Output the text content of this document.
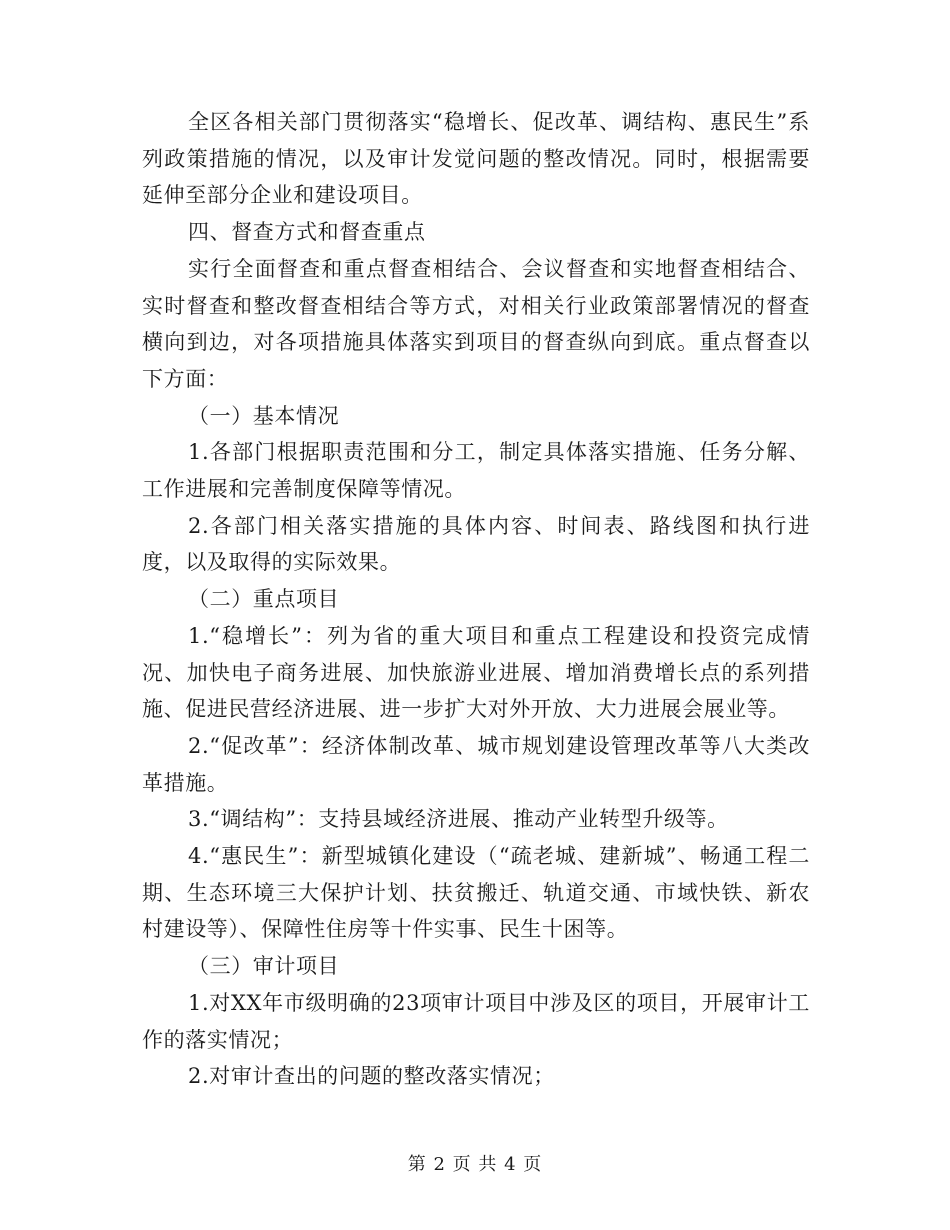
全区各相关部门贯彻落实“稳增长、促改革、调结构、惠民生”系列政策措施的情况，以及审计发觉问题的整改情况。同时，根据需要延伸至部分企业和建设项目。

四、督查方式和督查重点

实行全面督查和重点督查相结合、会议督查和实地督查相结合、实时督查和整改督查相结合等方式，对相关行业政策部署情况的督查横向到边，对各项措施具体落实到项目的督查纵向到底。重点督查以下方面：

（一）基本情况

1.各部门根据职责范围和分工，制定具体落实措施、任务分解、工作进展和完善制度保障等情况。

2.各部门相关落实措施的具体内容、时间表、路线图和执行进度，以及取得的实际效果。

（二）重点项目

1.“稳增长”：列为省的重大项目和重点工程建设和投资完成情况、加快电子商务进展、加快旅游业进展、增加消费增长点的系列措施、促进民营经济进展、进一步扩大对外开放、大力进展会展业等。

2.“促改革”：经济体制改革、城市规划建设管理改革等八大类改革措施。

3.“调结构”：支持县域经济进展、推动产业转型升级等。

4.“惠民生”：新型城镇化建设（“疏老城、建新城”、畅通工程二期、生态环境三大保护计划、扶贫搬迁、轨道交通、市域快铁、新农村建设等）、保障性住房等十件实事、民生十困等。

（三）审计项目

1.对XX年市级明确的23项审计项目中涉及区的项目，开展审计工作的落实情况；

2.对审计查出的问题的整改落实情况；

第 2 页 共 4 页
